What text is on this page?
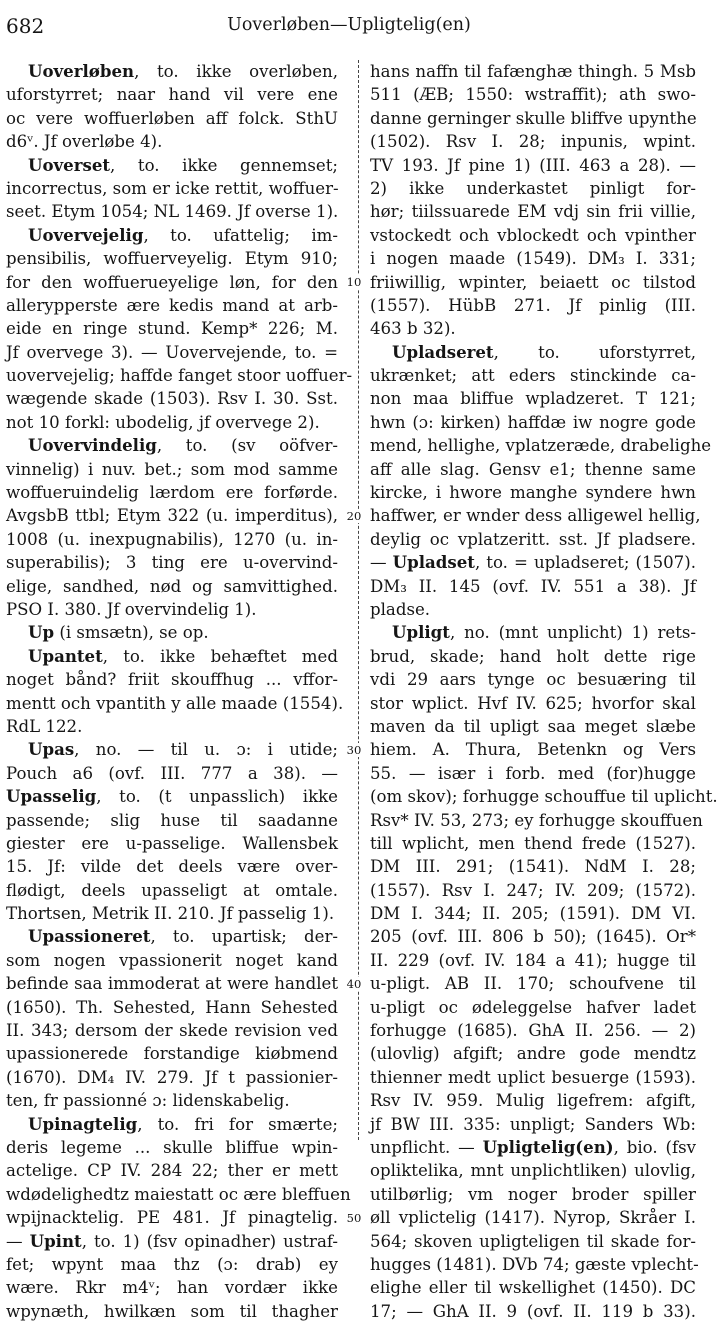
682	Uoverløben—Upligtelig(en)
Uoverløben, to. ikke overløben,
uforstyrret; naar hand vil vere ene
oc vere woffuerløben aff folck. SthU
d6ᵛ. Jf overløbe 4).
Uoverset, to. ikke gennemset;
incorrectus, som er icke rettit, woffuer-
seet. Etym 1054; NL 1469. Jf overse 1).
Uovervejelig, to. ufattelig; im-
pensibilis, woffuerveyelig. Etym 910;
for den woffuerueyelige løn, for den
allerypperste ære kedis mand at arb-
eide en ringe stund. Kemp* 226; M.
Jf overvege 3). — Uovervejende, to. =
uovervejelig; haffde fanget stoor uoffuer-
wægende skade (1503). Rsv I. 30. Sst.
not 10 forkl: ubodelig, jf overvege 2).
Uovervindelig, to. (sv oöfver-
vinnelig) i nuv. bet.; som mod samme
woffueruindelig lærdom ere forførde.
AvgsbB ttbl; Etym 322 (u. imperditus),
1008 (u. inexpugnabilis), 1270 (u. in-
superabilis); 3 ting ere u-overvind-
elige, sandhed, nød og samvittighed.
PSO I. 380. Jf overvindelig 1).
Up (i smsætn), se op.
Upantet, to. ikke behæftet med
noget bånd? friit skouffhug ... vffor-
mentt och vpantith y alle maade (1554).
RdL 122.
Upas, no. — til u. ɔ: i utide;
Pouch a6 (ovf. III. 777 a 38). —
Upasselig, to. (t unpasslich) ikke
passende; slig huse til saadanne
giester ere u-passelige. Wallensbek
15. Jf: vilde det deels være over-
flødigt, deels upasseligt at omtale.
Thortsen, Metrik II. 210. Jf passelig 1).
Upassioneret, to. upartisk; der-
som nogen vpassionerit noget kand
befinde saa immoderat at were handlet
(1650). Th. Sehested, Hann Sehested
II. 343; dersom der skede revision ved
upassionerede forstandige kiøbmend
(1670). DM₄ IV. 279. Jf t passionier-
ten, fr passionné ɔ: lidenskabelig.
Upinagtelig, to. fri for smærte;
deris legeme ... skulle bliffue wpin-
actelige. CP IV. 284 22; ther er mett
wdødelighedtz maiestatt oc ære bleffuen
wpijnacktelig. PE 481. Jf pinagtelig.
— Upint, to. 1) (fsv opinadher) ustraf-
fet; wpynt maa thz (ɔ: drab) ey
wære. Rkr m4ᵛ; han vordær ikke
wpynæth, hwilkæn som til thagher
10
20
30
40
50
hans naffn til fafænghæ thingh. 5 Msb
511 (ÆB; 1550: wstraffit); ath swo-
danne gerninger skulle bliffve upynthe
(1502). Rsv I. 28; inpunis, wpint.
TV 193. Jf pine 1) (III. 463 a 28). —
2) ikke underkastet pinligt for-
hør; tiilssuarede EM vdj sin frii villie,
vstockedt och vblockedt och vpinther
i nogen maade (1549). DM₃ I. 331;
friiwillig, wpinter, beiaett oc tilstod
(1557). HübB 271. Jf pinlig (III.
463 b 32).
Upladseret, to. uforstyrret,
ukrænket; att eders stinckinde ca-
non maa bliffue wpladzeret. T 121;
hwn (ɔ: kirken) haffdæ iw nogre gode
mend, hellighe, vplatzeræde, drabelighe
aff alle slag. Gensv e1; thenne same
kircke, i hwore manghe syndere hwn
haffwer, er wnder dess alligewel hellig,
deylig oc vplatzeritt. sst. Jf pladsere.
— Upladset, to. = upladseret; (1507).
DM₃ II. 145 (ovf. IV. 551 a 38). Jf
pladse.
Upligt, no. (mnt unplicht) 1) rets-
brud, skade; hand holt dette rige
vdi 29 aars tynge oc besuæring til
stor wplict. Hvf IV. 625; hvorfor skal
maven da til upligt saa meget slæbe
hiem. A. Thura, Betenkn og Vers
55. — især i forb. med (for)hugge
(om skov); forhugge schouffue til uplicht.
Rsv* IV. 53, 273; ey forhugge skouffuen
till wplicht, men thend frede (1527).
DM III. 291; (1541). NdM I. 28;
(1557). Rsv I. 247; IV. 209; (1572).
DM I. 344; II. 205; (1591). DM VI.
205 (ovf. III. 806 b 50); (1645). Or*
II. 229 (ovf. IV. 184 a 41); hugge til
u-pligt. AB II. 170; schoufvene til
u-pligt oc ødeleggelse hafver ladet
forhugge (1685). GhA II. 256. — 2)
(ulovlig) afgift; andre gode mendtz
thienner medt uplict besuerge (1593).
Rsv IV. 959. Mulig ligefrem: afgift,
jf BW III. 335: unpligt; Sanders Wb:
unpflicht. — Upligtelig(en), bio. (fsv
opliktelika, mnt unplichtliken) ulovlig,
utilbørlig; vm noger broder spiller
øll vplictelig (1417). Nyrop, Skråer I.
564; skoven upligteligen til skade for-
hugges (1481). DVb 74; gæste vplecht-
elighe eller til wskellighet (1450). DC
17; — GhA II. 9 (ovf. II. 119 b 33).
